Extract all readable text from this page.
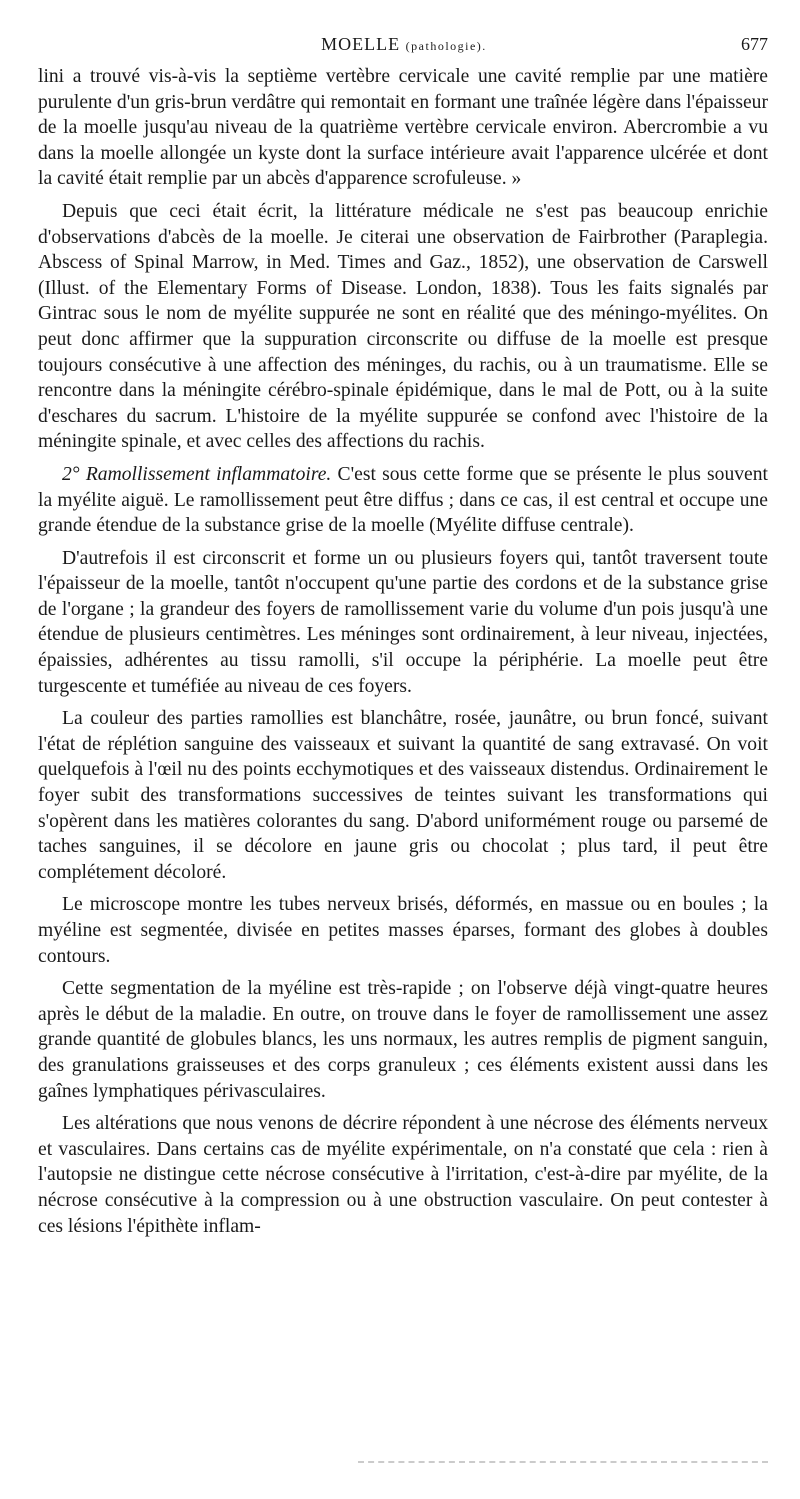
MOELLE (pathologie).	677

lini a trouvé vis-à-vis la septième vertèbre cervicale une cavité remplie par une matière purulente d'un gris-brun verdâtre qui remontait en formant une traînée légère dans l'épaisseur de la moelle jusqu'au niveau de la quatrième vertèbre cervicale environ. Abercrombie a vu dans la moelle allongée un kyste dont la surface intérieure avait l'apparence ulcérée et dont la cavité était remplie par un abcès d'apparence scrofuleuse. »

Depuis que ceci était écrit, la littérature médicale ne s'est pas beaucoup enrichie d'observations d'abcès de la moelle. Je citerai une observation de Fairbrother (Paraplegia. Abscess of Spinal Marrow, in Med. Times and Gaz., 1852), une observation de Carswell (Illust. of the Elementary Forms of Disease. London, 1838). Tous les faits signalés par Gintrac sous le nom de myélite suppurée ne sont en réalité que des méningo-myélites. On peut donc affirmer que la suppuration circonscrite ou diffuse de la moelle est presque toujours consécutive à une affection des méninges, du rachis, ou à un traumatisme. Elle se rencontre dans la méningite cérébro-spinale épidémique, dans le mal de Pott, ou à la suite d'eschares du sacrum. L'histoire de la myélite suppurée se confond avec l'histoire de la méningite spinale, et avec celles des affections du rachis.

2° Ramollissement inflammatoire. C'est sous cette forme que se présente le plus souvent la myélite aiguë. Le ramollissement peut être diffus ; dans ce cas, il est central et occupe une grande étendue de la substance grise de la moelle (Myélite diffuse centrale).

D'autrefois il est circonscrit et forme un ou plusieurs foyers qui, tantôt traversent toute l'épaisseur de la moelle, tantôt n'occupent qu'une partie des cordons et de la substance grise de l'organe ; la grandeur des foyers de ramollissement varie du volume d'un pois jusqu'à une étendue de plusieurs centimètres. Les méninges sont ordinairement, à leur niveau, injectées, épaissies, adhérentes au tissu ramolli, s'il occupe la périphérie. La moelle peut être turgescente et tuméfiée au niveau de ces foyers.

La couleur des parties ramollies est blanchâtre, rosée, jaunâtre, ou brun foncé, suivant l'état de réplétion sanguine des vaisseaux et suivant la quantité de sang extravasé. On voit quelquefois à l'œil nu des points ecchymotiques et des vaisseaux distendus. Ordinairement le foyer subit des transformations successives de teintes suivant les transformations qui s'opèrent dans les matières colorantes du sang. D'abord uniformément rouge ou parsemé de taches sanguines, il se décolore en jaune gris ou chocolat ; plus tard, il peut être complétement décoloré.

Le microscope montre les tubes nerveux brisés, déformés, en massue ou en boules ; la myéline est segmentée, divisée en petites masses éparses, formant des globes à doubles contours.

Cette segmentation de la myéline est très-rapide ; on l'observe déjà vingt-quatre heures après le début de la maladie. En outre, on trouve dans le foyer de ramollissement une assez grande quantité de globules blancs, les uns normaux, les autres remplis de pigment sanguin, des granulations graisseuses et des corps granuleux ; ces éléments existent aussi dans les gaînes lymphatiques périvasculaires.

Les altérations que nous venons de décrire répondent à une nécrose des éléments nerveux et vasculaires. Dans certains cas de myélite expérimentale, on n'a constaté que cela : rien à l'autopsie ne distingue cette nécrose consécutive à l'irritation, c'est-à-dire par myélite, de la nécrose consécutive à la compression ou à une obstruction vasculaire. On peut contester à ces lésions l'épithète inflam-
